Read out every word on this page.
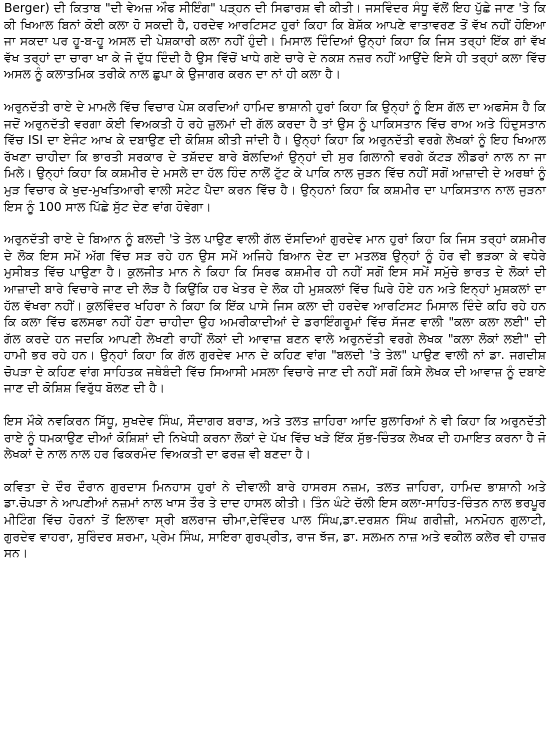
Berger) ਦੀ ਕਿਤਾਬ "ਦੀ ਵੇਅਜ਼ ਔਫ ਸੀਇੰਗ" ਪੜ੍ਹਨ ਦੀ ਸਿਫਾਰਸ਼ ਵੀ ਕੀਤੀ। ਜਸਵਿੰਦਰ ਸੰਧੂ ਵੱਲੋਂ ਇਹ ਪੁੱਛੇ ਜਾਣ 'ਤੇ ਕਿ ਕੀ ਖਿਆਲ ਬਿਨਾਂ ਕੋਈ ਕਲਾ ਹੋ ਸਕਦੀ ਹੈ, ਹਰਦੇਵ ਆਰਟਿਸਟ ਹੁਰਾਂ ਕਿਹਾ ਕਿ ਬੇਸ਼ੱਕ ਆਪਣੇ ਵਾਤਾਵਰਣ ਤੋਂ ਵੱਖ ਨਹੀਂ ਹੋਇਆ ਜਾ ਸਕਦਾ ਪਰ ਹੂ-ਬ-ਹੂ ਅਸਲ ਦੀ ਪੇਸ਼ਕਾਰੀ ਕਲਾ ਨਹੀਂ ਹੁੰਦੀ। ਮਿਸਾਲ ਦਿੰਦਿਆਂ ਉਨ੍ਹਾਂ ਕਿਹਾ ਕਿ ਜਿਸ ਤਰ੍ਹਾਂ ਇੱਕ ਗਾਂ ਵੱਖ ਵੱਖ ਤਰ੍ਹਾਂ ਦਾ ਚਾਰਾ ਖਾ ਕੇ ਜੋ ਦੁੱਧ ਦਿੰਦੀ ਹੈ ਉਸ ਵਿੱਚੋਂ ਖਾਧੇ ਗਏ ਚਾਰੇ ਦੇ ਨਕਸ਼ ਨਜ਼ਰ ਨਹੀਂ ਆਉਂਦੇ ਇਸੇ ਹੀ ਤਰ੍ਹਾਂ ਕਲਾ ਵਿੱਚ ਅਸਲ ਨੂੰ ਕਲਾਤਮਿਕ ਤਰੀਕੇ ਨਾਲ ਛੁਪਾ ਕੇ ਉਜਾਗਰ ਕਰਨ ਦਾ ਨਾਂ ਹੀ ਕਲਾ ਹੈ।

ਅਰੁਨਦੱਤੀ ਰਾਏ ਦੇ ਮਾਮਲੇ ਵਿੱਚ ਵਿਚਾਰ ਪੇਸ਼ ਕਰਦਿਆਂ ਹਾਮਿਦ ਭਾਸ਼ਾਨੀ ਹੁਰਾਂ ਕਿਹਾ ਕਿ ਉਨ੍ਹਾਂ ਨੂੰ ਇਸ ਗੱਲ ਦਾ ਅਫਸੋਸ ਹੈ ਕਿ ਜਦੋਂ ਅਰੁਨਦੱਤੀ ਵਰਗਾ ਕੋਈ ਵਿਅਕਤੀ ਹੋ ਰਹੇ ਜ਼ੁਲਮਾਂ ਦੀ ਗੱਲ ਕਰਦਾ ਹੈ ਤਾਂ ਉਸ ਨੂੰ ਪਾਕਿਸਤਾਨ ਵਿੱਚ ਰਾਅ ਅਤੇ ਹਿੰਦੁਸਤਾਨ ਵਿੱਚ ISI ਦਾ ਏਜੰਟ ਆਖ ਕੇ ਦਬਾਉਣ ਦੀ ਕੋਸ਼ਿਸ਼ ਕੀਤੀ ਜਾਂਦੀ ਹੈ। ਉਨ੍ਹਾਂ ਕਿਹਾ ਕਿ ਅਰੁਨਦੱਤੀ ਵਰਗੇ ਲੇਖਕਾਂ ਨੂੰ ਇਹ ਖਿਆਲ ਰੱਖਣਾ ਚਾਹੀਦਾ ਕਿ ਭਾਰਤੀ ਸਰਕਾਰ ਦੇ ਤਸ਼ੱਦਦ ਬਾਰੇ ਬੋਲਦਿਆਂ ਉਨ੍ਹਾਂ ਦੀ ਸੁਰ ਗਿਲਾਨੀ ਵਰਗੇ ਕੱਟੜ ਲੀਡਰਾਂ ਨਾਲ ਨਾ ਜਾ ਮਿਲੇ। ਉਨ੍ਹਾਂ ਕਿਹਾ ਕਿ ਕਸ਼ਮੀਰ ਦੇ ਮਸਲੇ ਦਾ ਹੱਲ ਹਿੰਦ ਨਾਲੋਂ ਟੁੱਟ ਕੇ ਪਾਕਿ ਨਾਲ ਜੁੜਨ ਵਿੱਚ ਨਹੀਂ ਸਗੋਂ ਆਜ਼ਾਦੀ ਦੇ ਅਰਥਾਂ ਨੂੰ ਮੁੜ ਵਿਚਾਰ ਕੇ ਖੁਦ-ਮੁਖਤਿਆਰੀ ਵਾਲੀ ਸਟੇਟ ਪੈਦਾ ਕਰਨ ਵਿੱਚ ਹੈ। ਉਨ੍ਹਨਾਂ ਕਿਹਾ ਕਿ ਕਸ਼ਮੀਰ ਦਾ ਪਾਕਿਸਤਾਨ ਨਾਲ ਜੁੜਨਾ ਇਸ ਨੂੰ 100 ਸਾਲ ਪਿੱਛੇ ਸੁੱਟ ਦੇਣ ਵਾਂਗ ਹੋਵੇਗਾ।

ਅਰੁਨਦੱਤੀ ਰਾਏ ਦੇ ਬਿਆਨ ਨੂੰ ਬਲਦੀ 'ਤੇ ਤੇਲ ਪਾਉਣ ਵਾਲੀ ਗੱਲ ਦੱਸਦਿਆਂ ਗੁਰਦੇਵ ਮਾਨ ਹੁਰਾਂ ਕਿਹਾ ਕਿ ਜਿਸ ਤਰ੍ਹਾਂ ਕਸ਼ਮੀਰ ਦੇ ਲੋਕ ਇਸ ਸਮੇਂ ਅੱਗ ਵਿੱਚ ਸੜ ਰਹੇ ਹਨ ਉਸ ਸਮੇਂ ਅਜਿਹੇ ਬਿਆਨ ਦੇਣ ਦਾ ਮਤਲਬ ਉਨ੍ਹਾਂ ਨੂੰ ਹੋਰ ਵੀ ਭੜਕਾ ਕੇ ਵਧੇਰੇ ਮੁਸੀਬਤ ਵਿੱਚ ਪਾਉਣਾ ਹੈ। ਕੁਲਜੀਤ ਮਾਨ ਨੇ ਕਿਹਾ ਕਿ ਸਿਰਫ ਕਸ਼ਮੀਰ ਹੀ ਨਹੀਂ ਸਗੋਂ ਇਸ ਸਮੇਂ ਸਮੁੱਚੇ ਭਾਰਤ ਦੇ ਲੋਕਾਂ ਦੀ ਆਜ਼ਾਦੀ ਬਾਰੇ ਵਿਚਾਰੇ ਜਾਣ ਦੀ ਲੋੜ ਹੈ ਕਿਉਂਕਿ ਹਰ ਖੇਤਰ ਦੇ ਲੋਕ ਹੀ ਮੁਸ਼ਕਲਾਂ ਵਿੱਚ ਘਿਰੇ ਹੋਏ ਹਨ ਅਤੇ ਇਨ੍ਹਾਂ ਮੁਸ਼ਕਲਾਂ ਦਾ ਹੱਲ ਵੱਖਰਾ ਨਹੀਂ। ਕੁਲਵਿੰਦਰ ਖਹਿਰਾ ਨੇ ਕਿਹਾ ਕਿ ਇੱਕ ਪਾਸੇ ਜਿਸ ਕਲਾ ਦੀ ਹਰਦੇਵ ਆਰਟਿਸਟ ਮਿਸਾਲ ਦਿੰਦੇ ਕਹਿ ਰਹੇ ਹਨ ਕਿ ਕਲਾ ਵਿੱਚ ਫਲਸਫਾ ਨਹੀਂ ਹੋਣਾ ਚਾਹੀਦਾ ਉਹ ਅਮਰੀਕਾਦੀਆਂ ਦੇ ਡਰਾਇੰਗਰੂਮਾਂ ਵਿੱਚ ਸੱਜਣ ਵਾਲੀ "ਕਲਾ ਕਲਾ ਲਈ" ਦੀ ਗੱਲ ਕਰਦੇ ਹਨ ਜਦਕਿ ਆਪਣੀ ਲੇਖਣੀ ਰਾਹੀਂ ਲੋਕਾਂ ਦੀ ਆਵਾਜ਼ ਬਣਨ ਵਾਲੇ ਅਰੁਨਦੱਤੀ ਵਰਗੇ ਲੇਖਕ "ਕਲਾ ਲੋਕਾਂ ਲਈ" ਦੀ ਹਾਮੀ ਭਰ ਰਹੇ ਹਨ। ਉਨ੍ਹਾਂ ਕਿਹਾ ਕਿ ਗੱਲ ਗੁਰਦੇਵ ਮਾਨ ਦੇ ਕਹਿਣ ਵਾਂਗ "ਬਲਦੀ 'ਤੇ ਤੇਲ" ਪਾਉਣ ਵਾਲੀ ਨਾਂ ਡਾ. ਜਗਦੀਸ਼ ਚੋਪੜਾ ਦੇ ਕਹਿਣ ਵਾਂਗ ਸਾਹਿਤਕ ਜਥੇਬੰਦੀ ਵਿੱਚ ਸਿਆਸੀ ਮਸਲਾ ਵਿਚਾਰੇ ਜਾਣ ਦੀ ਨਹੀਂ ਸਗੋਂ ਕਿਸੇ ਲੇਖਕ ਦੀ ਆਵਾਜ਼ ਨੂੰ ਦਬਾਏ ਜਾਣ ਦੀ ਕੋਸ਼ਿਸ਼ ਵਿਰੁੱਧ ਬੋਲਣ ਦੀ ਹੈ।

ਇਸ ਮੌਕੇ ਨਵਕਿਰਨ ਸਿੱਧੂ, ਸੁਖਦੇਵ ਸਿੰਘ, ਸੌਦਾਗਰ ਬਰਾੜ, ਅਤੇ ਤਲਤ ਜ਼ਾਹਿਰਾ ਆਦਿ ਬੁਲਾਰਿਆਂ ਨੇ ਵੀ ਕਿਹਾ ਕਿ ਅਰੁਨਦੱਤੀ ਰਾਏ ਨੂੰ ਧਮਕਾਉਣ ਦੀਆਂ ਕੋਸ਼ਿਸ਼ਾਂ ਦੀ ਨਿਖੇਧੀ ਕਰਨਾ ਲੋਕਾਂ ਦੇ ਪੱਖ ਵਿੱਚ ਖੜੇ ਇੱਕ ਸੁੱਭ-ਚਿੰਤਕ ਲੇਖਕ ਦੀ ਹਮਾਇਤ ਕਰਨਾ ਹੈ ਜੋ ਲੇਖਕਾਂ ਦੇ ਨਾਲ ਨਾਲ ਹਰ ਫਿਕਰਮੰਦ ਵਿਅਕਤੀ ਦਾ ਫਰਜ਼ ਵੀ ਬਣਦਾ ਹੈ।

ਕਵਿਤਾ ਦੇ ਦੌਰ ਦੌਰਾਨ ਗੁਰਦਾਸ ਮਿਨਹਾਸ ਹੁਰਾਂ ਨੇ ਦੀਵਾਲੀ ਬਾਰੇ ਹਾਸਰਸ ਨਜ਼ਮ, ਤਲਤ ਜ਼ਾਹਿਰਾ, ਹਾਮਿਦ ਭਾਸ਼ਾਨੀ ਅਤੇ ਡਾ.ਚੋਪੜਾ ਨੇ ਆਪਣੀਆਂ ਨਜ਼ਮਾਂ ਨਾਲ ਖਾਸ ਤੌਰ ਤੇ ਦਾਦ ਹਾਸਲ ਕੀਤੀ। ਤਿੰਨ ਘੰਟੇ ਚੱਲੀ ਇਸ ਕਲਾ-ਸਾਹਿਤ-ਚਿੰਤਨ ਨਾਲ ਭਰਪੂਰ ਮੀਟਿੰਗ ਵਿੱਚ ਹੋਰਨਾਂ ਤੋਂ ਇਲਾਵਾ ਸ੍ਰੀ ਬਲਰਾਜ ਚੀਮਾ,ਦੇਵਿੰਦਰ ਪਾਲ ਸਿੰਘ,ਡਾ.ਦਰਸ਼ਨ ਸਿੰਘ ਗਰੀਜ਼ੀ, ਮਨਮੋਹਨ ਗੁਲਾਟੀ, ਗੁਰਦੇਵ ਵਾਹਰਾ, ਸੁਰਿੰਦਰ ਸ਼ਰਮਾ, ਪ੍ਰੇਮ ਸਿੰਘ, ਸਾਇਰਾ ਗੁਰਪ੍ਰੀਤ, ਰਾਜ ਝੱਜ, ਡਾ. ਸਲਮਨ ਨਾਜ਼ ਅਤੇ ਵਕੀਲ ਕਲੇਰ ਵੀ ਹਾਜ਼ਰ ਸਨ।
